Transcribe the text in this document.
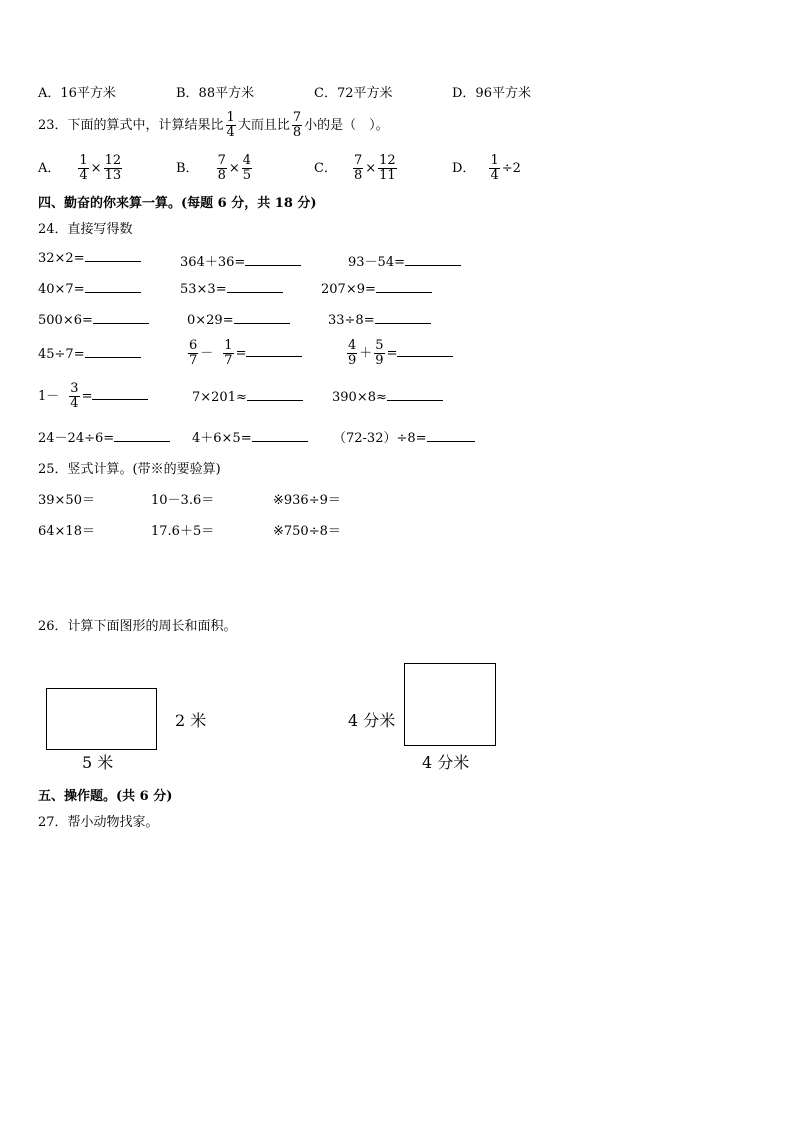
A．16平方米	B．88平方米	C．72平方米	D．96平方米
23．下面的算式中，计算结果比 $\frac{1}{4}$ 大而且比 $\frac{7}{8}$ 小的是（　）。
A． $\frac{1}{4} \times \frac{12}{13}$	B． $\frac{7}{8} \times \frac{4}{5}$	C． $\frac{7}{8} \times \frac{12}{11}$	D． $\frac{1}{4} \div 2$
四、勤奋的你来算一算。(每题 6 分，共 18 分)
24．直接写得数
32×2=	364＋36=	93－54=
40×7=	53×3=	207×9=
500×6=	0×29=	33÷8=
45÷7=	$\frac{6}{7} - \frac{1}{7}$ =	$\frac{4}{9} + \frac{5}{9}$ =
$1- \frac{3}{4}$ =	7×201≈	390×8≈
24－24÷6=	4＋6×5=	（72-32）÷8=
25．竖式计算。(带※的要验算)
39×50＝	10－3.6＝	※936÷9＝
64×18＝	17.6＋5＝	※750÷8＝
26．计算下面图形的周长和面积。
2 米
5 米
4 分米
4 分米
五、操作题。(共 6 分)
27．帮小动物找家。
